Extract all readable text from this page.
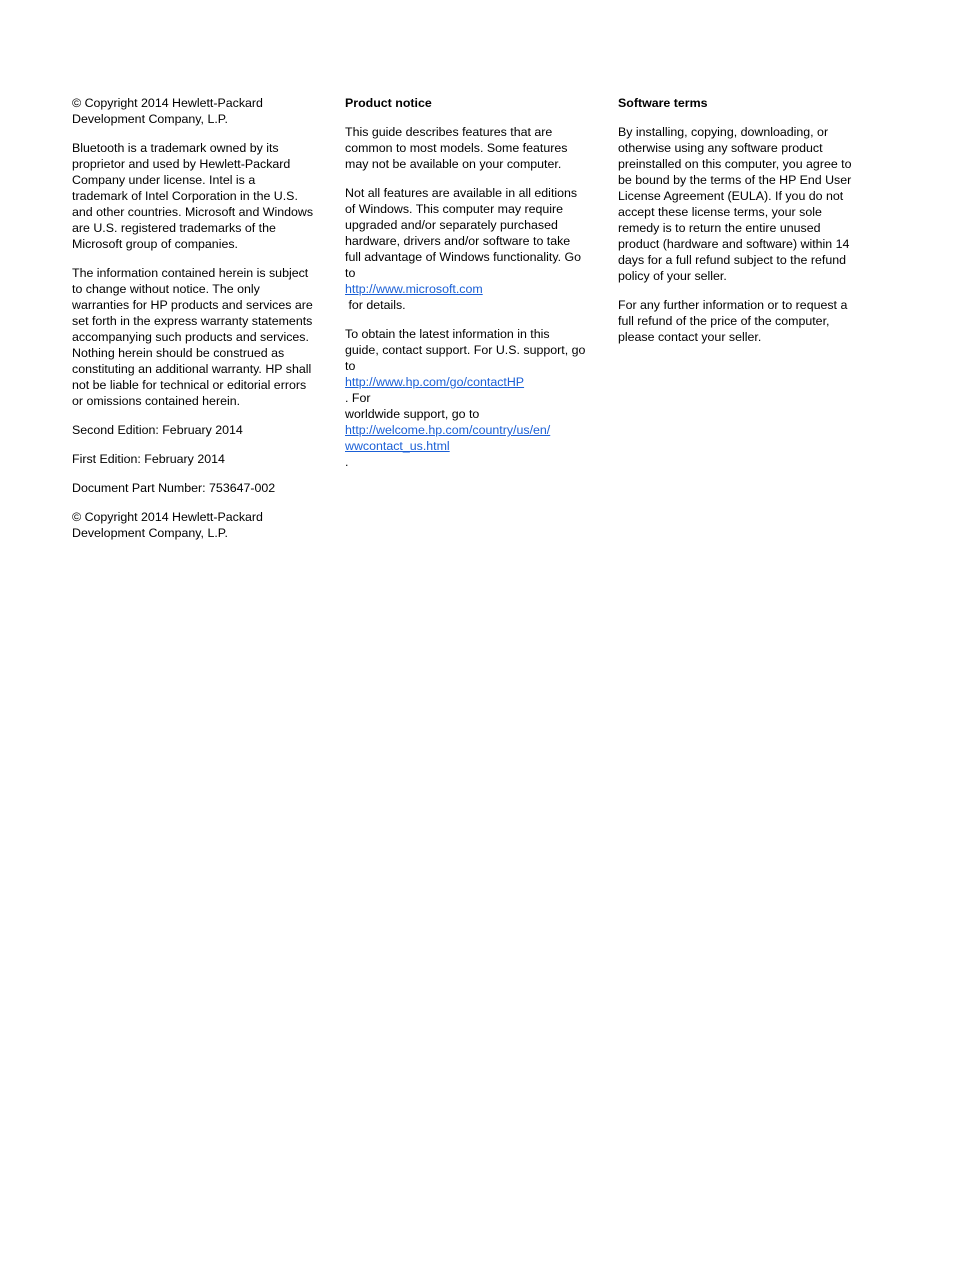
© Copyright 2014 Hewlett-Packard
Development Company, L.P.

Bluetooth is a trademark owned by its
proprietor and used by Hewlett-Packard
Company under license. Intel is a
trademark of Intel Corporation in the U.S.
and other countries. Microsoft and Windows
are U.S. registered trademarks of the
Microsoft group of companies.

The information contained herein is subject
to change without notice. The only
warranties for HP products and services are
set forth in the express warranty statements
accompanying such products and services.
Nothing herein should be construed as
constituting an additional warranty. HP shall
not be liable for technical or editorial errors
or omissions contained herein.

Second Edition: February 2014

First Edition: February 2014

Document Part Number: 753647-002

© Copyright 2014 Hewlett-Packard
Development Company, L.P.

Product notice

This guide describes features that are
common to most models. Some features
may not be available on your computer.

Not all features are available in all editions
of Windows. This computer may require
upgraded and/or separately purchased
hardware, drivers and/or software to take
full advantage of Windows functionality. Go
to
http://www.microsoft.com
for details.

To obtain the latest information in this
guide, contact support. For U.S. support, go
to
http://www.hp.com/go/contactHP
. For
worldwide support, go to
http://welcome.hp.com/country/us/en/
wwcontact_us.html
.

Software terms

By installing, copying, downloading, or
otherwise using any software product
preinstalled on this computer, you agree to
be bound by the terms of the HP End User
License Agreement (EULA). If you do not
accept these license terms, your sole
remedy is to return the entire unused
product (hardware and software) within 14
days for a full refund subject to the refund
policy of your seller.

For any further information or to request a
full refund of the price of the computer,
please contact your seller.
